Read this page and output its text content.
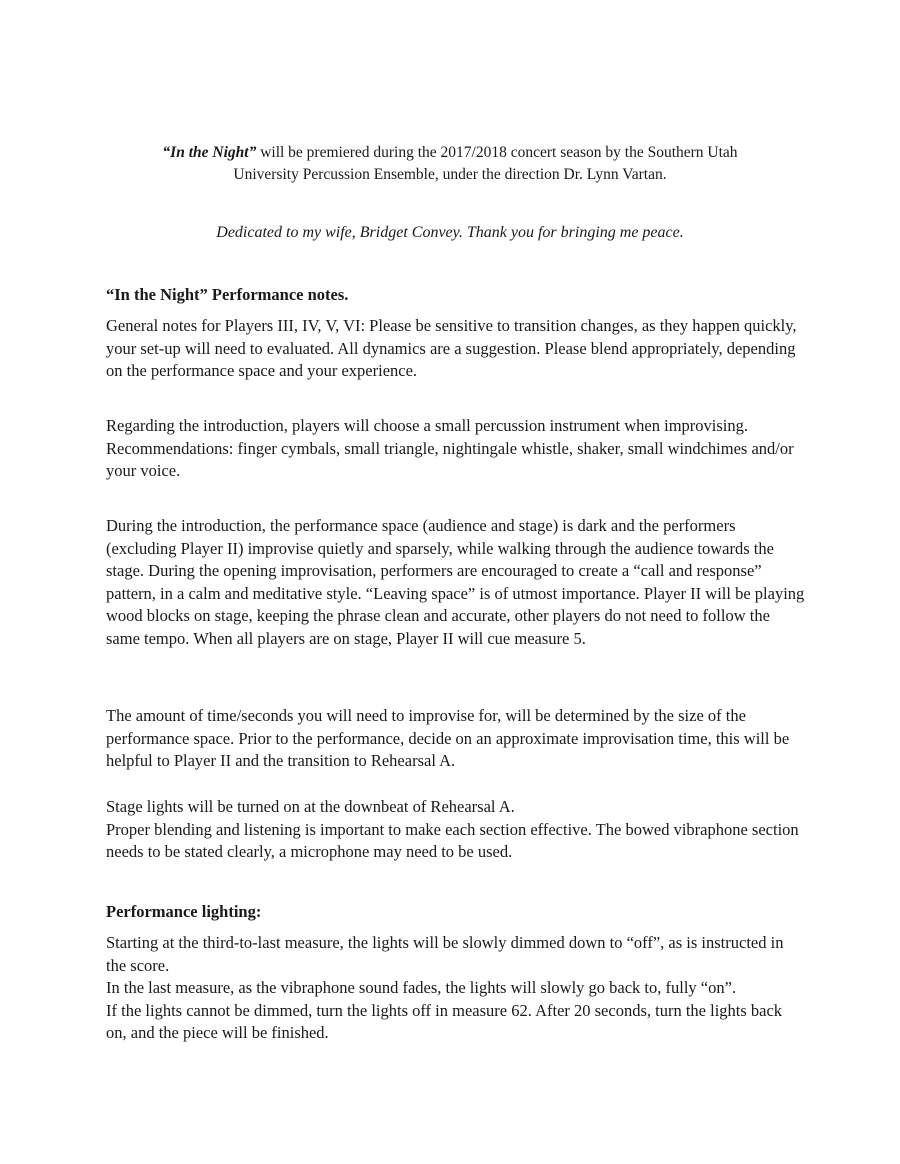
“In the Night” will be premiered during the 2017/2018 concert season by the Southern Utah
University Percussion Ensemble, under the direction Dr. Lynn Vartan.
Dedicated to my wife, Bridget Convey. Thank you for bringing me peace.
“In the Night” Performance notes.

General notes for Players III, IV, V, VI: Please be sensitive to transition changes, as they happen quickly, your set-up will need to evaluated. All dynamics are a suggestion. Please blend appropriately, depending on the performance space and your experience.

Regarding the introduction, players will choose a small percussion instrument when improvising. Recommendations: finger cymbals, small triangle, nightingale whistle, shaker, small windchimes and/or your voice.

During the introduction, the performance space (audience and stage) is dark and the performers (excluding Player II) improvise quietly and sparsely, while walking through the audience towards the stage. During the opening improvisation, performers are encouraged to create a “call and response” pattern, in a calm and meditative style. “Leaving space” is of utmost importance. Player II will be playing wood blocks on stage, keeping the phrase clean and accurate, other players do not need to follow the same tempo. When all players are on stage, Player II will cue measure 5.

The amount of time/seconds you will need to improvise for, will be determined by the size of the performance space. Prior to the performance, decide on an approximate improvisation time, this will be helpful to Player II and the transition to Rehearsal A.

Stage lights will be turned on at the downbeat of Rehearsal A.

Proper blending and listening is important to make each section effective. The bowed vibraphone section needs to be stated clearly, a microphone may need to be used.

Performance lighting:

Starting at the third-to-last measure, the lights will be slowly dimmed down to “off”, as is instructed in the score.

In the last measure, as the vibraphone sound fades, the lights will slowly go back to, fully “on”.

If the lights cannot be dimmed, turn the lights off in measure 62. After 20 seconds, turn the lights back on, and the piece will be finished.
